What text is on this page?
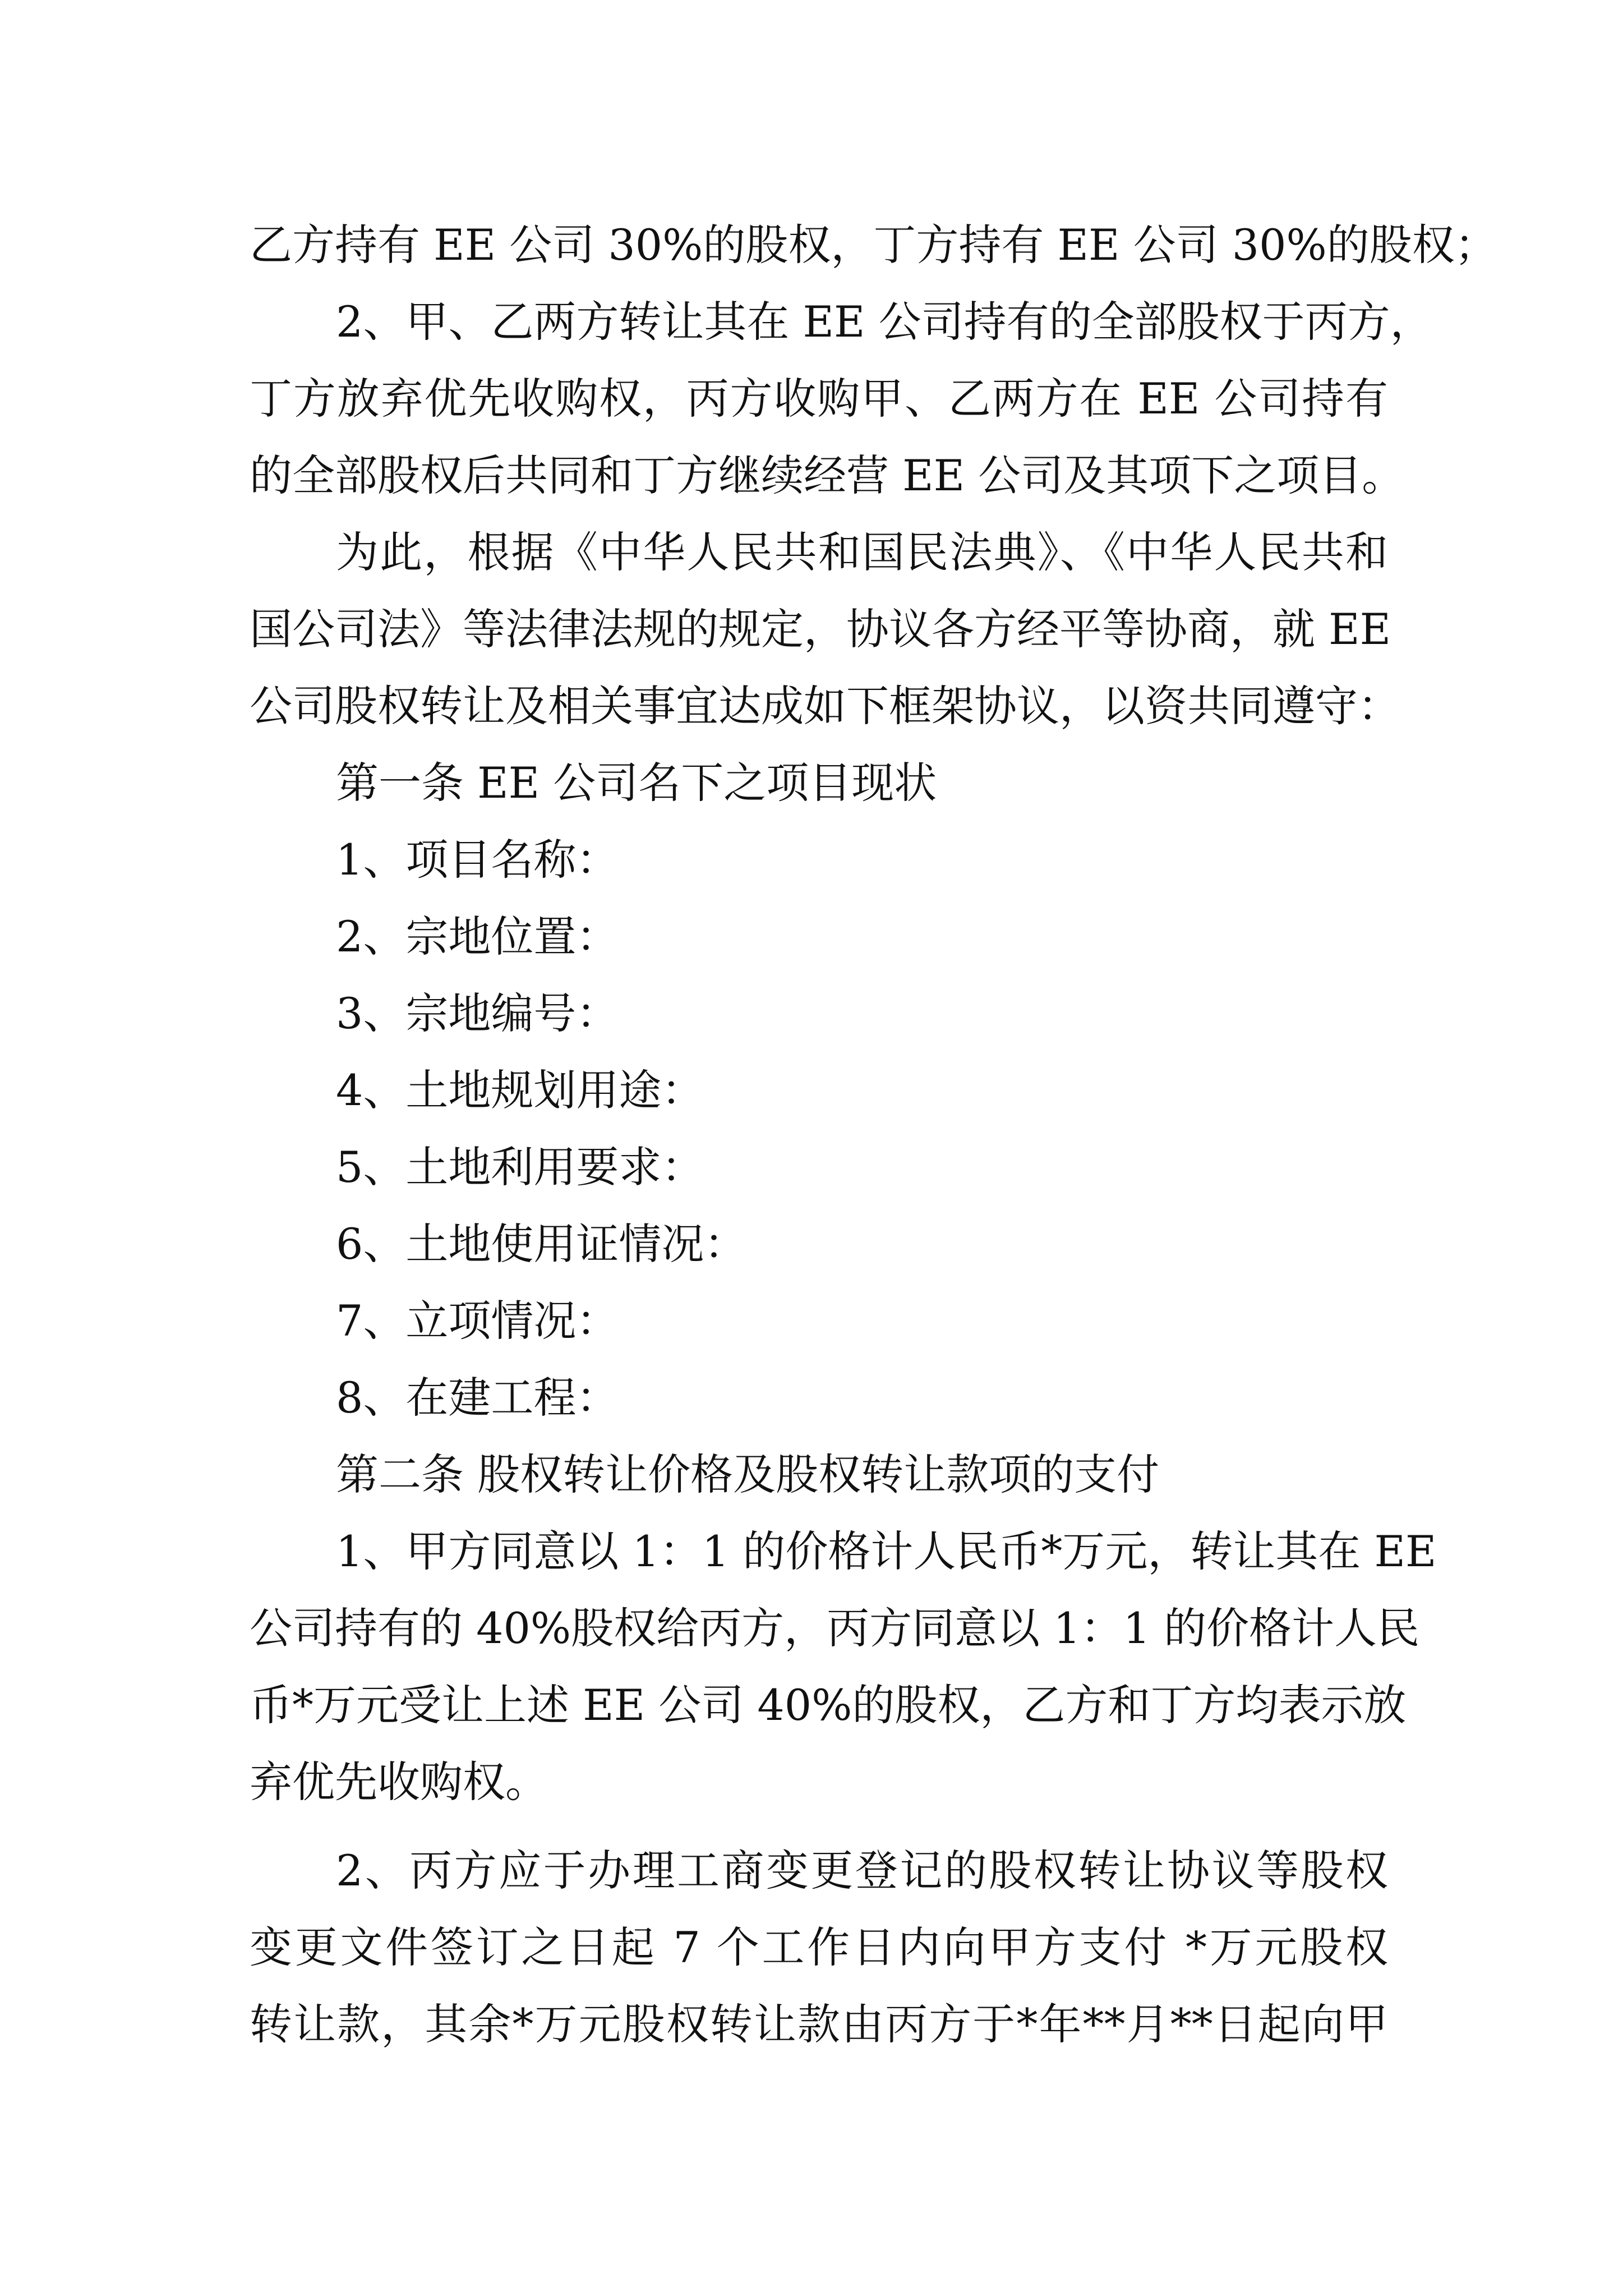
乙方持有 EE 公司 30%的股权，丁方持有 EE 公司 30%的股权；
2、甲、乙两方转让其在 EE 公司持有的全部股权于丙方，
丁方放弃优先收购权，丙方收购甲、乙两方在 EE 公司持有
的全部股权后共同和丁方继续经营 EE 公司及其项下之项目。
为此，根据《中华人民共和国民法典》、《中华人民共和
国公司法》等法律法规的规定，协议各方经平等协商，就 EE
公司股权转让及相关事宜达成如下框架协议，以资共同遵守：
第一条 EE 公司名下之项目现状
1、项目名称：
2、宗地位置：
3、宗地编号：
4、土地规划用途：
5、土地利用要求：
6、土地使用证情况：
7、立项情况：
8、在建工程：
第二条 股权转让价格及股权转让款项的支付
1、甲方同意以 1：1 的价格计人民币*万元，转让其在 EE
公司持有的 40%股权给丙方，丙方同意以 1：1 的价格计人民
币*万元受让上述 EE 公司 40%的股权，乙方和丁方均表示放
弃优先收购权。
2、丙方应于办理工商变更登记的股权转让协议等股权
变更文件签订之日起 7 个工作日内向甲方支付 *万元股权
转让款，其余*万元股权转让款由丙方于*年**月**日起向甲
